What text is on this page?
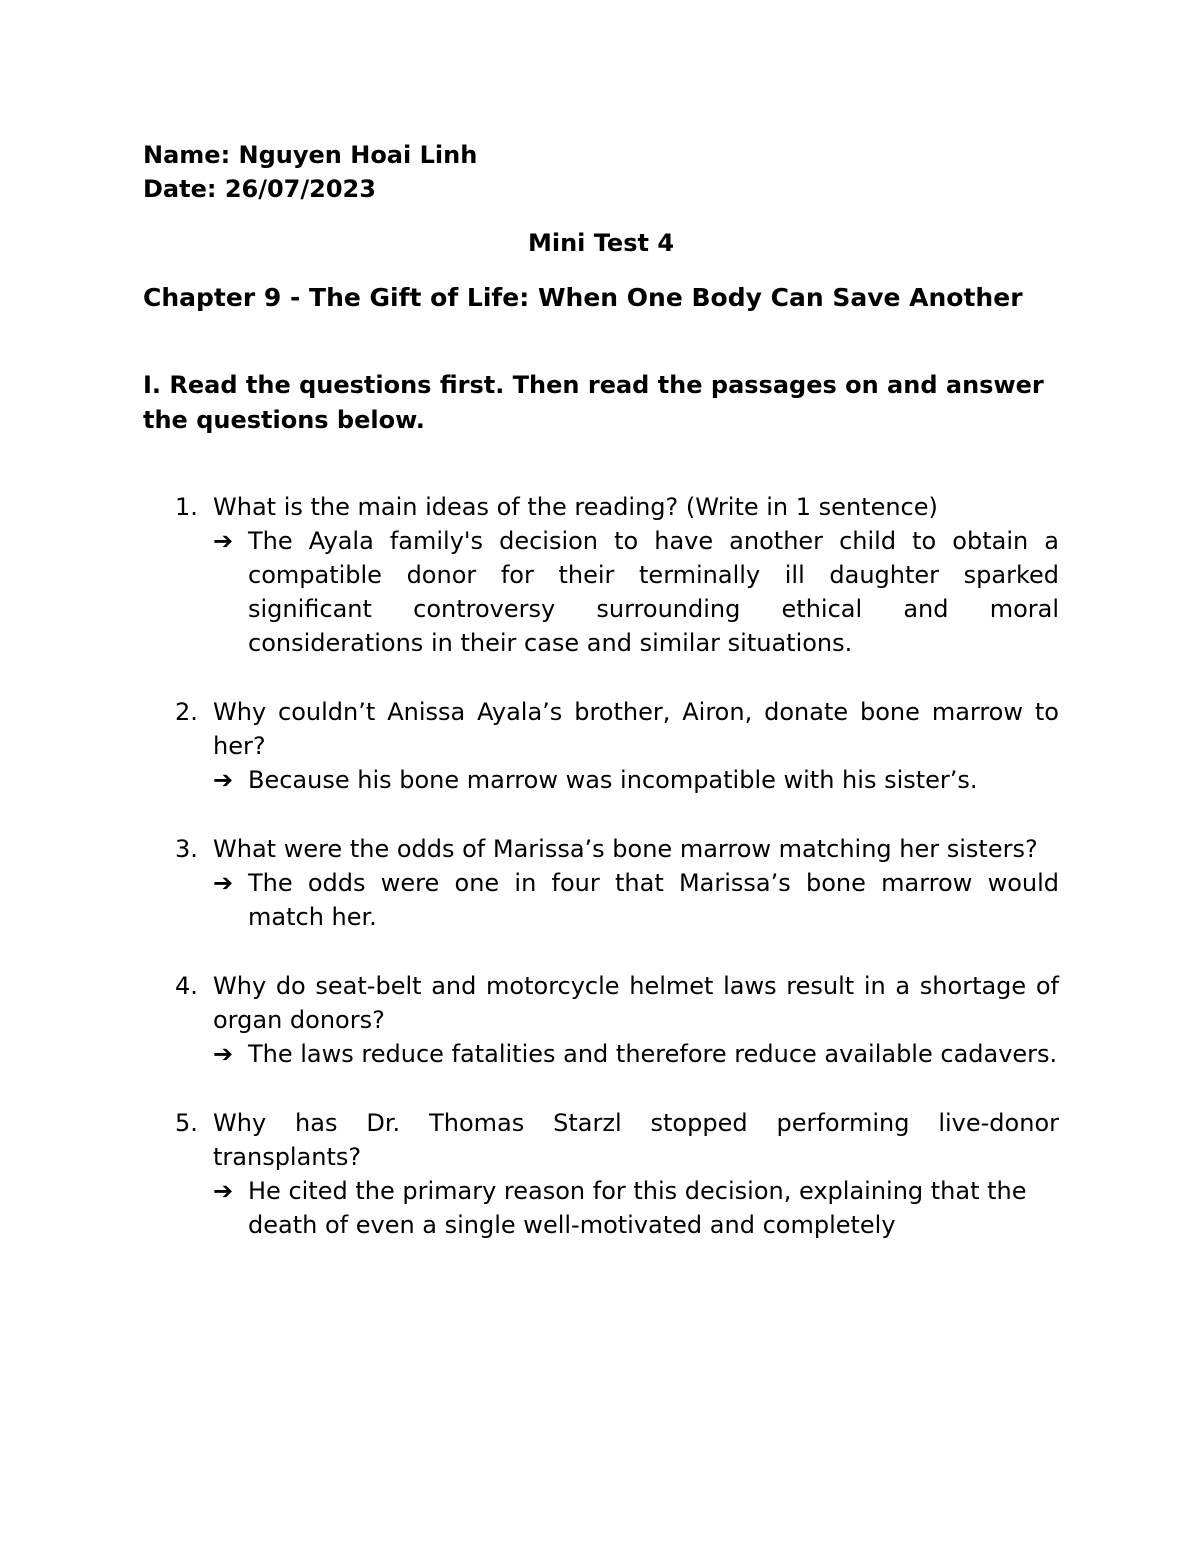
Name: Nguyen Hoai Linh
Date: 26/07/2023
Mini Test 4
Chapter 9 - The Gift of Life: When One Body Can Save Another
I. Read the questions first. Then read the passages on and answer the questions below.
1. What is the main ideas of the reading? (Write in 1 sentence)
➔ The Ayala family's decision to have another child to obtain a compatible donor for their terminally ill daughter sparked significant controversy surrounding ethical and moral considerations in their case and similar situations.
2. Why couldn’t Anissa Ayala’s brother, Airon, donate bone marrow to her?
➔ Because his bone marrow was incompatible with his sister’s.
3. What were the odds of Marissa’s bone marrow matching her sisters?
➔ The odds were one in four that Marissa’s bone marrow would match her.
4. Why do seat-belt and motorcycle helmet laws result in a shortage of organ donors?
➔ The laws reduce fatalities and therefore reduce available cadavers.
5. Why has Dr. Thomas Starzl stopped performing live-donor transplants?
➔ He cited the primary reason for this decision, explaining that the death of even a single well-motivated and completely
